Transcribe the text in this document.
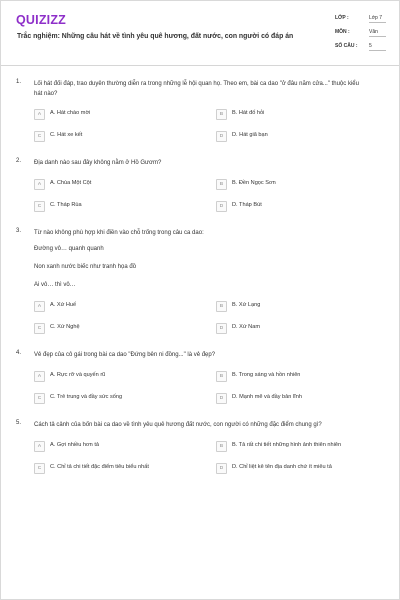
QUIZIZZ
Trắc nghiệm: Những câu hát về tình yêu quê hương, đất nước, con người có đáp án
LỚP :	Lớp 7
MÔN :	Văn
SỐ CÂU : 5
1. Lối hát đối đáp, trao duyên thường diễn ra trong những lễ hội quan họ. Theo em, bài ca dao "ở đâu năm cửa..." thuộc kiểu hát nào?
A	A. Hát chào mời	B	B. Hát đố hỏi
C	C. Hát xe kết	D	D. Hát giã bạn
2. Địa danh nào sau đây không nằm ở Hồ Gươm?
A	A. Chùa Một Cột	B	B. Đền Ngọc Sơn
C	C. Tháp Rùa	D	D. Tháp Bút
3. Từ nào không phù hợp khi điền vào chỗ trống trong câu ca dao:
Đường vô… quanh quanh
Non xanh nước biếc như tranh họa đồ
Ai vô… thì vô…
A	A. Xứ Huế	B	B. Xứ Lạng
C	C. Xứ Nghệ	D	D. Xứ Nam
4. Vẻ đẹp của cô gái trong bài ca dao "Đứng bên ni đồng..." là vẻ đẹp?
A	A. Rực rỡ và quyến rũ	B	B. Trong sáng và hồn nhiên
C	C. Trẻ trung và đầy sức sống	D	D. Mạnh mẽ và đầy bản lĩnh
5. Cách tả cảnh của bốn bài ca dao về tình yêu quê hương đất nước, con người có những đặc điểm chung gì?
A	A. Gợi nhiều hơn tả	B	B. Tả rất chi tiết những hình ảnh thiên nhiên
C	C. Chỉ tả chi tiết đặc điểm tiêu biểu nhất	D	D. Chỉ liệt kê tên địa danh chứ ít miêu tả
